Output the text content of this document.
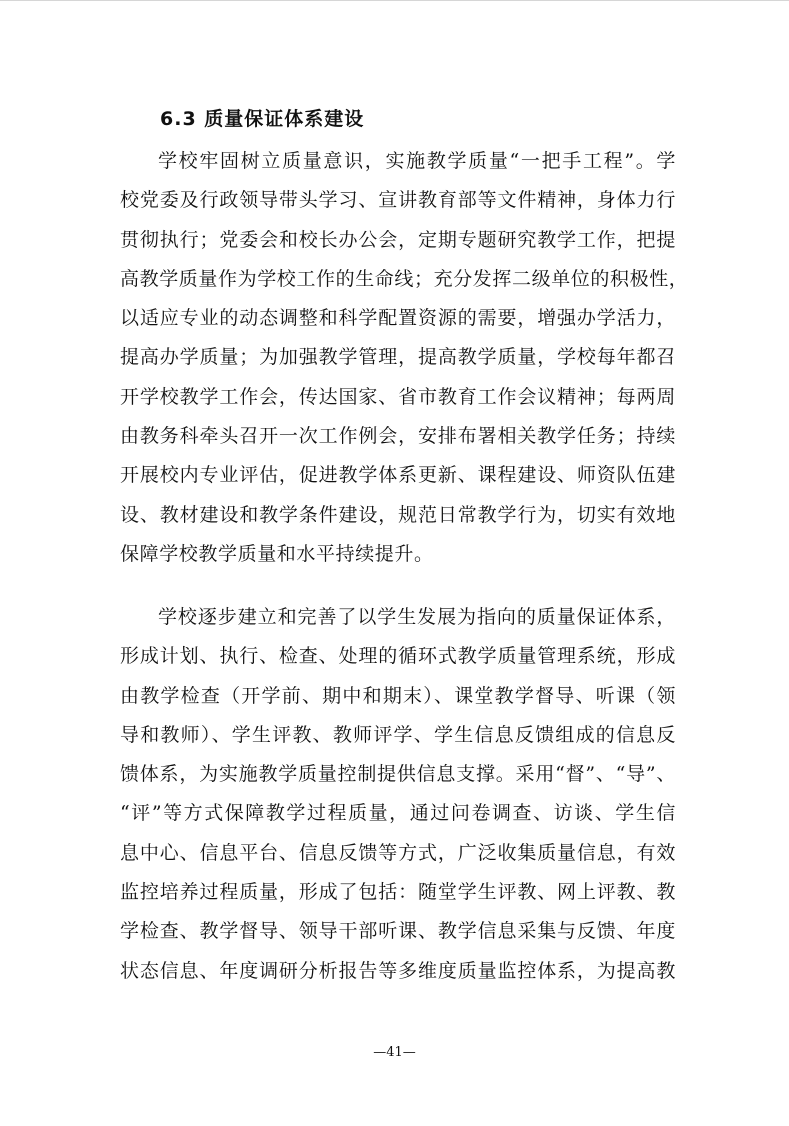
6.3 质量保证体系建设
学校牢固树立质量意识，实施教学质量“一把手工程”。学
校党委及行政领导带头学习、宣讲教育部等文件精神，身体力行
贯彻执行；党委会和校长办公会，定期专题研究教学工作，把提
高教学质量作为学校工作的生命线；充分发挥二级单位的积极性，
以适应专业的动态调整和科学配置资源的需要，增强办学活力，
提高办学质量；为加强教学管理，提高教学质量，学校每年都召
开学校教学工作会，传达国家、省市教育工作会议精神；每两周
由教务科牵头召开一次工作例会，安排布署相关教学任务；持续
开展校内专业评估，促进教学体系更新、课程建设、师资队伍建
设、教材建设和教学条件建设，规范日常教学行为，切实有效地
保障学校教学质量和水平持续提升。
学校逐步建立和完善了以学生发展为指向的质量保证体系，
形成计划、执行、检查、处理的循环式教学质量管理系统，形成
由教学检查（开学前、期中和期末）、课堂教学督导、听课（领
导和教师）、学生评教、教师评学、学生信息反馈组成的信息反
馈体系，为实施教学质量控制提供信息支撑。采用“督”、“导”、
“评”等方式保障教学过程质量，通过问卷调查、访谈、学生信
息中心、信息平台、信息反馈等方式，广泛收集质量信息，有效
监控培养过程质量，形成了包括：随堂学生评教、网上评教、教
学检查、教学督导、领导干部听课、教学信息采集与反馈、年度
状态信息、年度调研分析报告等多维度质量监控体系，为提高教
—41—
